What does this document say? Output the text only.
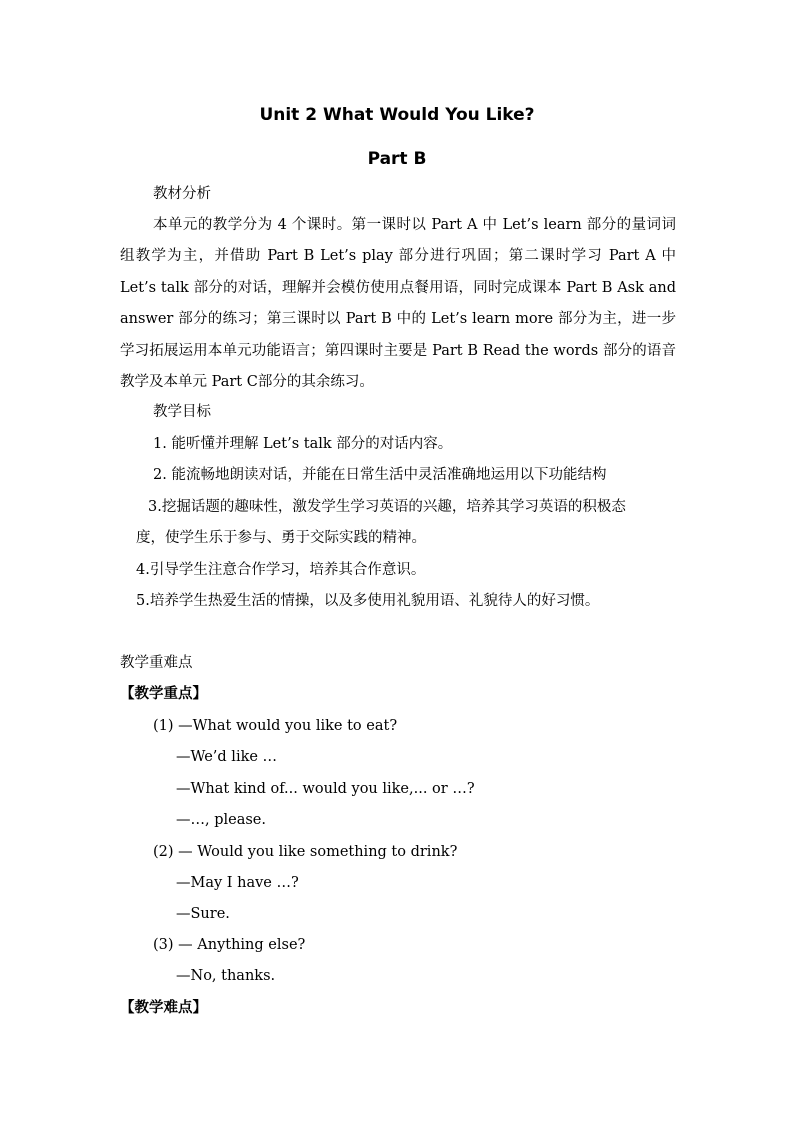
Unit 2 What Would You Like?
Part B

教材分析

本单元的教学分为 4 个课时。第一课时以 Part A 中 Let’s learn 部分的量词词组教学为主，并借助 Part B Let’s play 部分进行巩固；第二课时学习 Part A 中 Let’s talk 部分的对话，理解并会模仿使用点餐用语，同时完成课本 Part B Ask and answer 部分的练习；第三课时以 Part B 中的 Let’s learn more 部分为主，进一步学习拓展运用本单元功能语言；第四课时主要是 Part B Read the words 部分的语音教学及本单元 Part C部分的其余练习。

教学目标

1. 能听懂并理解 Let’s talk 部分的对话内容。

2. 能流畅地朗读对话，并能在日常生活中灵活准确地运用以下功能结构

3.挖掘话题的趣味性，激发学生学习英语的兴趣，培养其学习英语的积极态

度，使学生乐于参与、勇于交际实践的精神。

4.引导学生注意合作学习，培养其合作意识。

5.培养学生热爱生活的情操，以及多使用礼貌用语、礼貌待人的好习惯。

教学重难点

【教学重点】

(1) —What would you like to eat?

—We’d like …

—What kind of... would you like,... or …?

—…, please.

(2) — Would you like something to drink?

—May I have …?

—Sure.

(3) — Anything else?

—No, thanks.

【教学难点】
